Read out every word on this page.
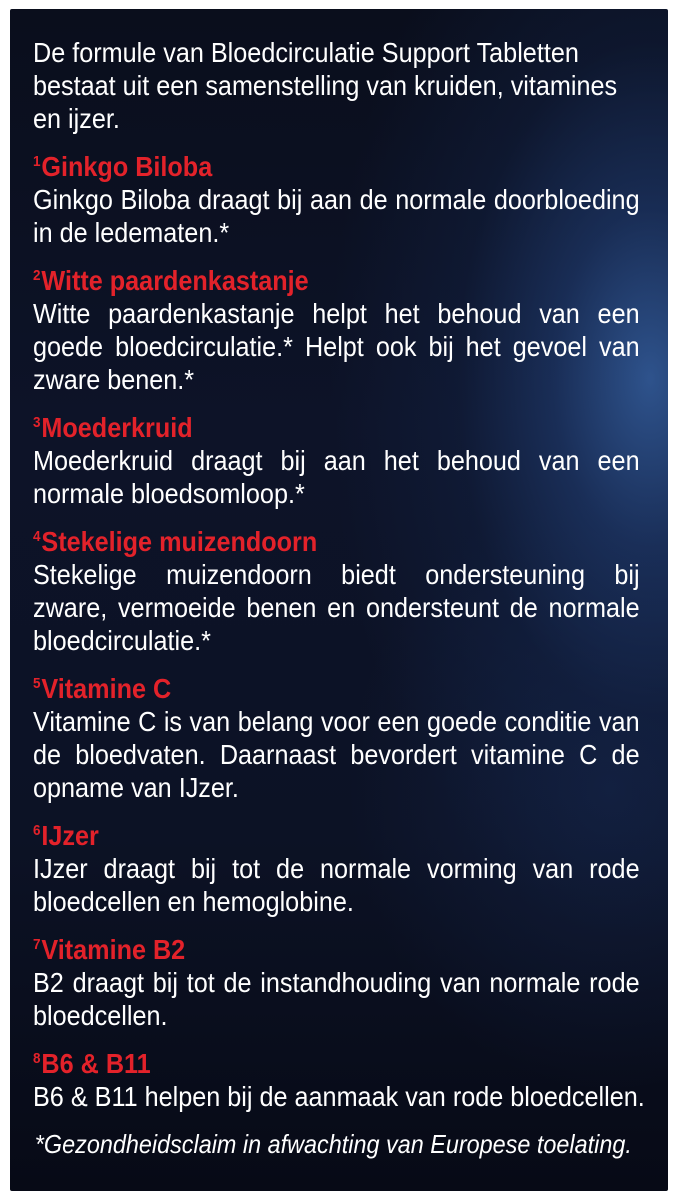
De formule van Bloedcirculatie Support Tabletten
bestaat uit een samenstelling van kruiden, vitamines
en ijzer.
$^1$Ginkgo Biloba
Ginkgo Biloba draagt bij aan de normale doorbloeding
in de ledematen.*
$^2$Witte paardenkastanje
Witte paardenkastanje helpt het behoud van een
goede bloedcirculatie.* Helpt ook bij het gevoel van
zware benen.*
$^3$Moederkruid
Moederkruid draagt bij aan het behoud van een
normale bloedsomloop.*
$^4$Stekelige muizendoorn
Stekelige muizendoorn biedt ondersteuning bij
zware, vermoeide benen en ondersteunt de normale
bloedcirculatie.*
$^5$Vitamine C
Vitamine C is van belang voor een goede conditie van
de bloedvaten. Daarnaast bevordert vitamine C de
opname van IJzer.
$^6$IJzer
IJzer draagt bij tot de normale vorming van rode
bloedcellen en hemoglobine.
$^7$Vitamine B2
B2 draagt bij tot de instandhouding van normale rode
bloedcellen.
$^8$B6 & B11
B6 & B11 helpen bij de aanmaak van rode bloedcellen.
*Gezondheidsclaim in afwachting van Europese toelating.
